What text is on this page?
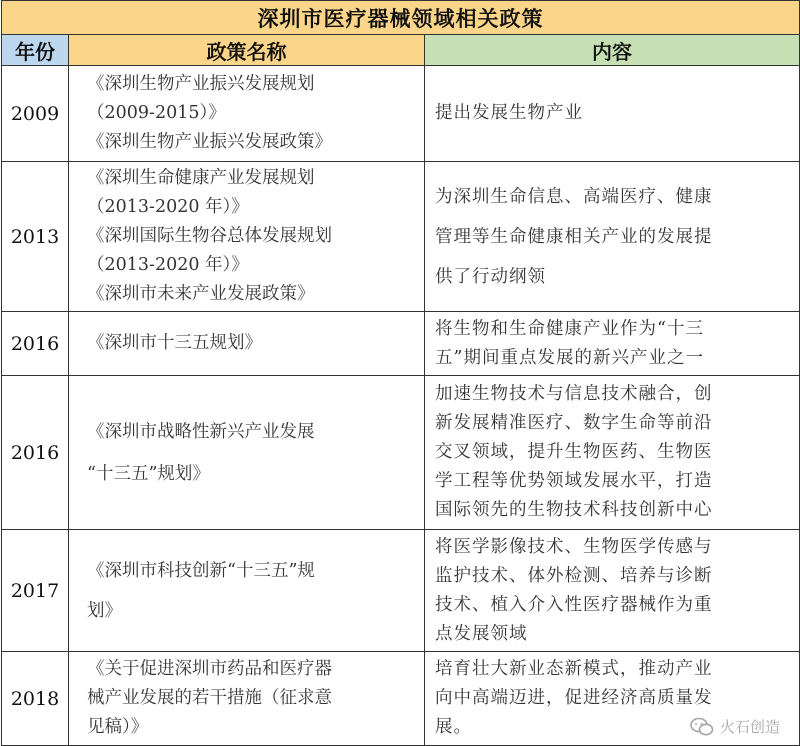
深圳市医疗器械领域相关政策		
年份	政策名称	内容
2009	《深圳生物产业振兴发展规划
（2009-2015）》
《深圳生物产业振兴发展政策》	提出发展生物产业

2013	《深圳生命健康产业发展规划
（2013-2020 年）》
《深圳国际生物谷总体发展规划
（2013-2020 年）》
《深圳市未来产业发展政策》	为深圳生命信息、高端医疗、健康
管理等生命健康相关产业的发展提
供了行动纲领

2016	《深圳市十三五规划》	将生物和生命健康产业作为“十三
五”期间重点发展的新兴产业之一

2016	《深圳市战略性新兴产业发展
“十三五”规划》	加速生物技术与信息技术融合，创
新发展精准医疗、数字生命等前沿
交叉领域，提升生物医药、生物医
学工程等优势领域发展水平，打造
国际领先的生物技术科技创新中心

2017	《深圳市科技创新“十三五”规
划》	将医学影像技术、生物医学传感与
监护技术、体外检测、培养与诊断
技术、植入介入性医疗器械作为重
点发展领域

2018	《关于促进深圳市药品和医疗器
械产业发展的若干措施（征求意
见稿）》	培育壮大新业态新模式，推动产业
向中高端迈进，促进经济高质量发
展。	火石创造
